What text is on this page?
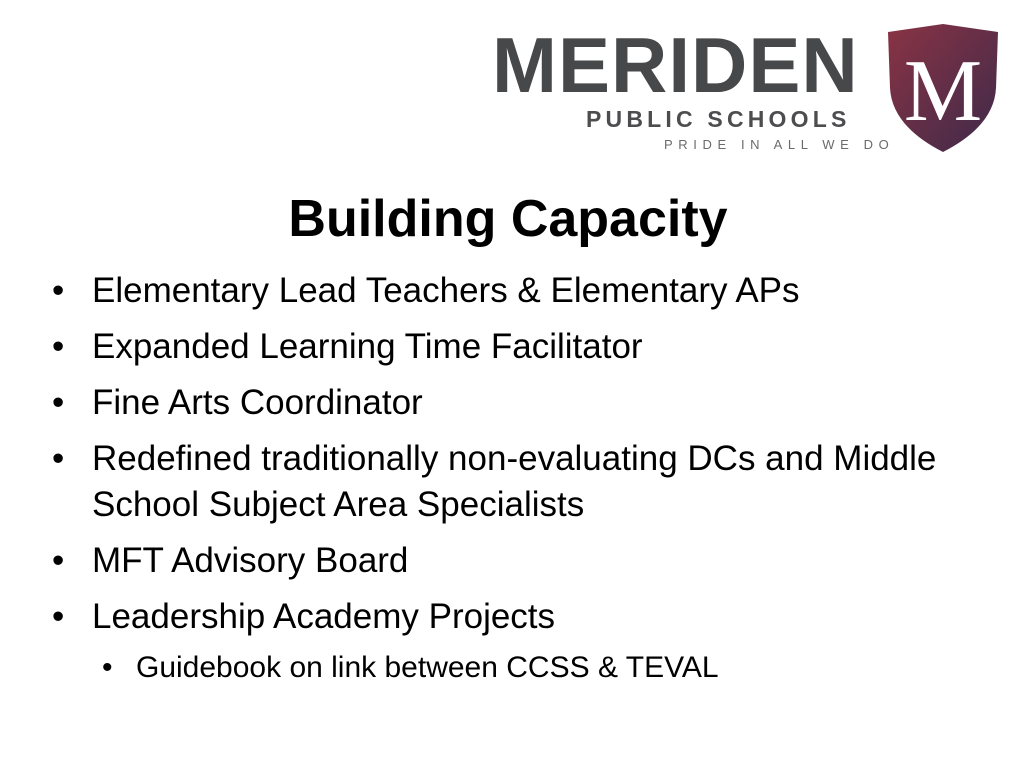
MERIDEN
PUBLIC SCHOOLS
PRIDE IN ALL WE DO
M
Building Capacity
• Elementary Lead Teachers & Elementary APs
• Expanded Learning Time Facilitator
• Fine Arts Coordinator
• Redefined traditionally non-evaluating DCs and Middle School Subject Area Specialists
• MFT Advisory Board
• Leadership Academy Projects
• Guidebook on link between CCSS & TEVAL
